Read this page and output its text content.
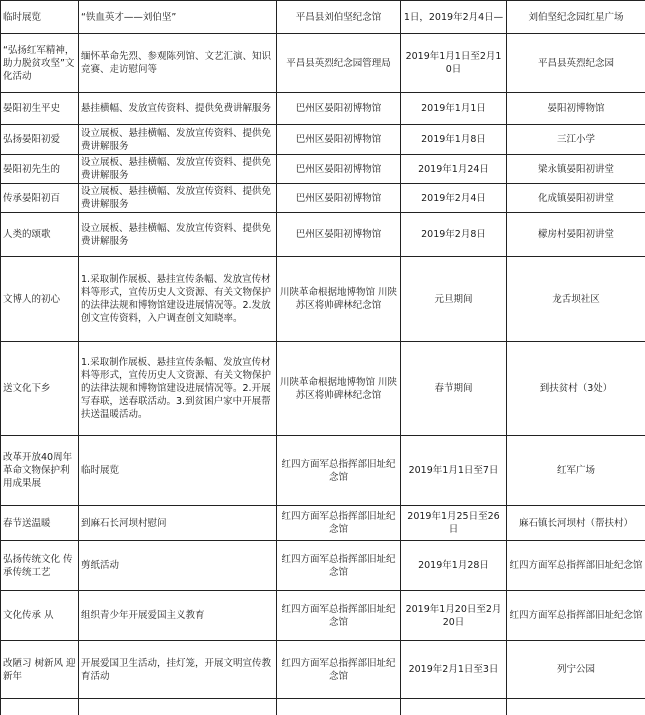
临时展览	“铁血英才——刘伯坚”	平昌县刘伯坚纪念馆	1日，2019年2月4日—	刘伯坚纪念园红星广场
“弘扬红军精神，助力脱贫攻坚”文化活动	缅怀革命先烈、参观陈列馆、文艺汇演、知识竞赛、走访慰问等	平昌县英烈纪念园管理局	2019年1月1日至2月10日	平昌县英烈纪念园
晏阳初生平史	悬挂横幅、发放宣传资料、提供免费讲解服务	巴州区晏阳初博物馆	2019年1月1日	晏阳初博物馆
弘扬晏阳初爱	设立展板、悬挂横幅、发放宣传资料、提供免费讲解服务	巴州区晏阳初博物馆	2019年1月8日	三江小学
晏阳初先生的	设立展板、悬挂横幅、发放宣传资料、提供免费讲解服务	巴州区晏阳初博物馆	2019年1月24日	梁永镇晏阳初讲堂
传承晏阳初百	设立展板、悬挂横幅、发放宣传资料、提供免费讲解服务	巴州区晏阳初博物馆	2019年2月4日	化成镇晏阳初讲堂
人类的颂歌	设立展板、悬挂横幅、发放宣传资料、提供免费讲解服务	巴州区晏阳初博物馆	2019年2月8日	檬房村晏阳初讲堂
文博人的初心	1.采取制作展板、悬挂宣传条幅、发放宣传材料等形式，宣传历史人文资源、有关文物保护的法律法规和博物馆建设进展情况等。2.发放创文宣传资料，入户调查创文知晓率。	川陕革命根据地博物馆 川陕苏区将帅碑林纪念馆	元旦期间	龙舌坝社区
送文化下乡	1.采取制作展板、悬挂宣传条幅、发放宣传材料等形式，宣传历史人文资源、有关文物保护的法律法规和博物馆建设进展情况等。2.开展写春联，送春联活动。3.到贫困户家中开展帮扶送温暖活动。	川陕革命根据地博物馆 川陕苏区将帅碑林纪念馆	春节期间	到扶贫村（3处）
改革开放40周年革命文物保护利用成果展	临时展览	红四方面军总指挥部旧址纪念馆	2019年1月1日至7日	红军广场
春节送温暖	到麻石长河坝村慰问	红四方面军总指挥部旧址纪念馆	2019年1月25日至26日	麻石镇长河坝村（帮扶村）
弘扬传统文化 传承传统工艺	剪纸活动	红四方面军总指挥部旧址纪念馆	2019年1月28日	红四方面军总指挥部旧址纪念馆
文化传承 从	组织青少年开展爱国主义教育	红四方面军总指挥部旧址纪念馆	2019年1月20日至2月20日	红四方面军总指挥部旧址纪念馆
改陋习 树新风 迎新年	开展爱国卫生活动，挂灯笼，开展文明宣传教育活动	红四方面军总指挥部旧址纪念馆	2019年2月1日至3日	列宁公园
